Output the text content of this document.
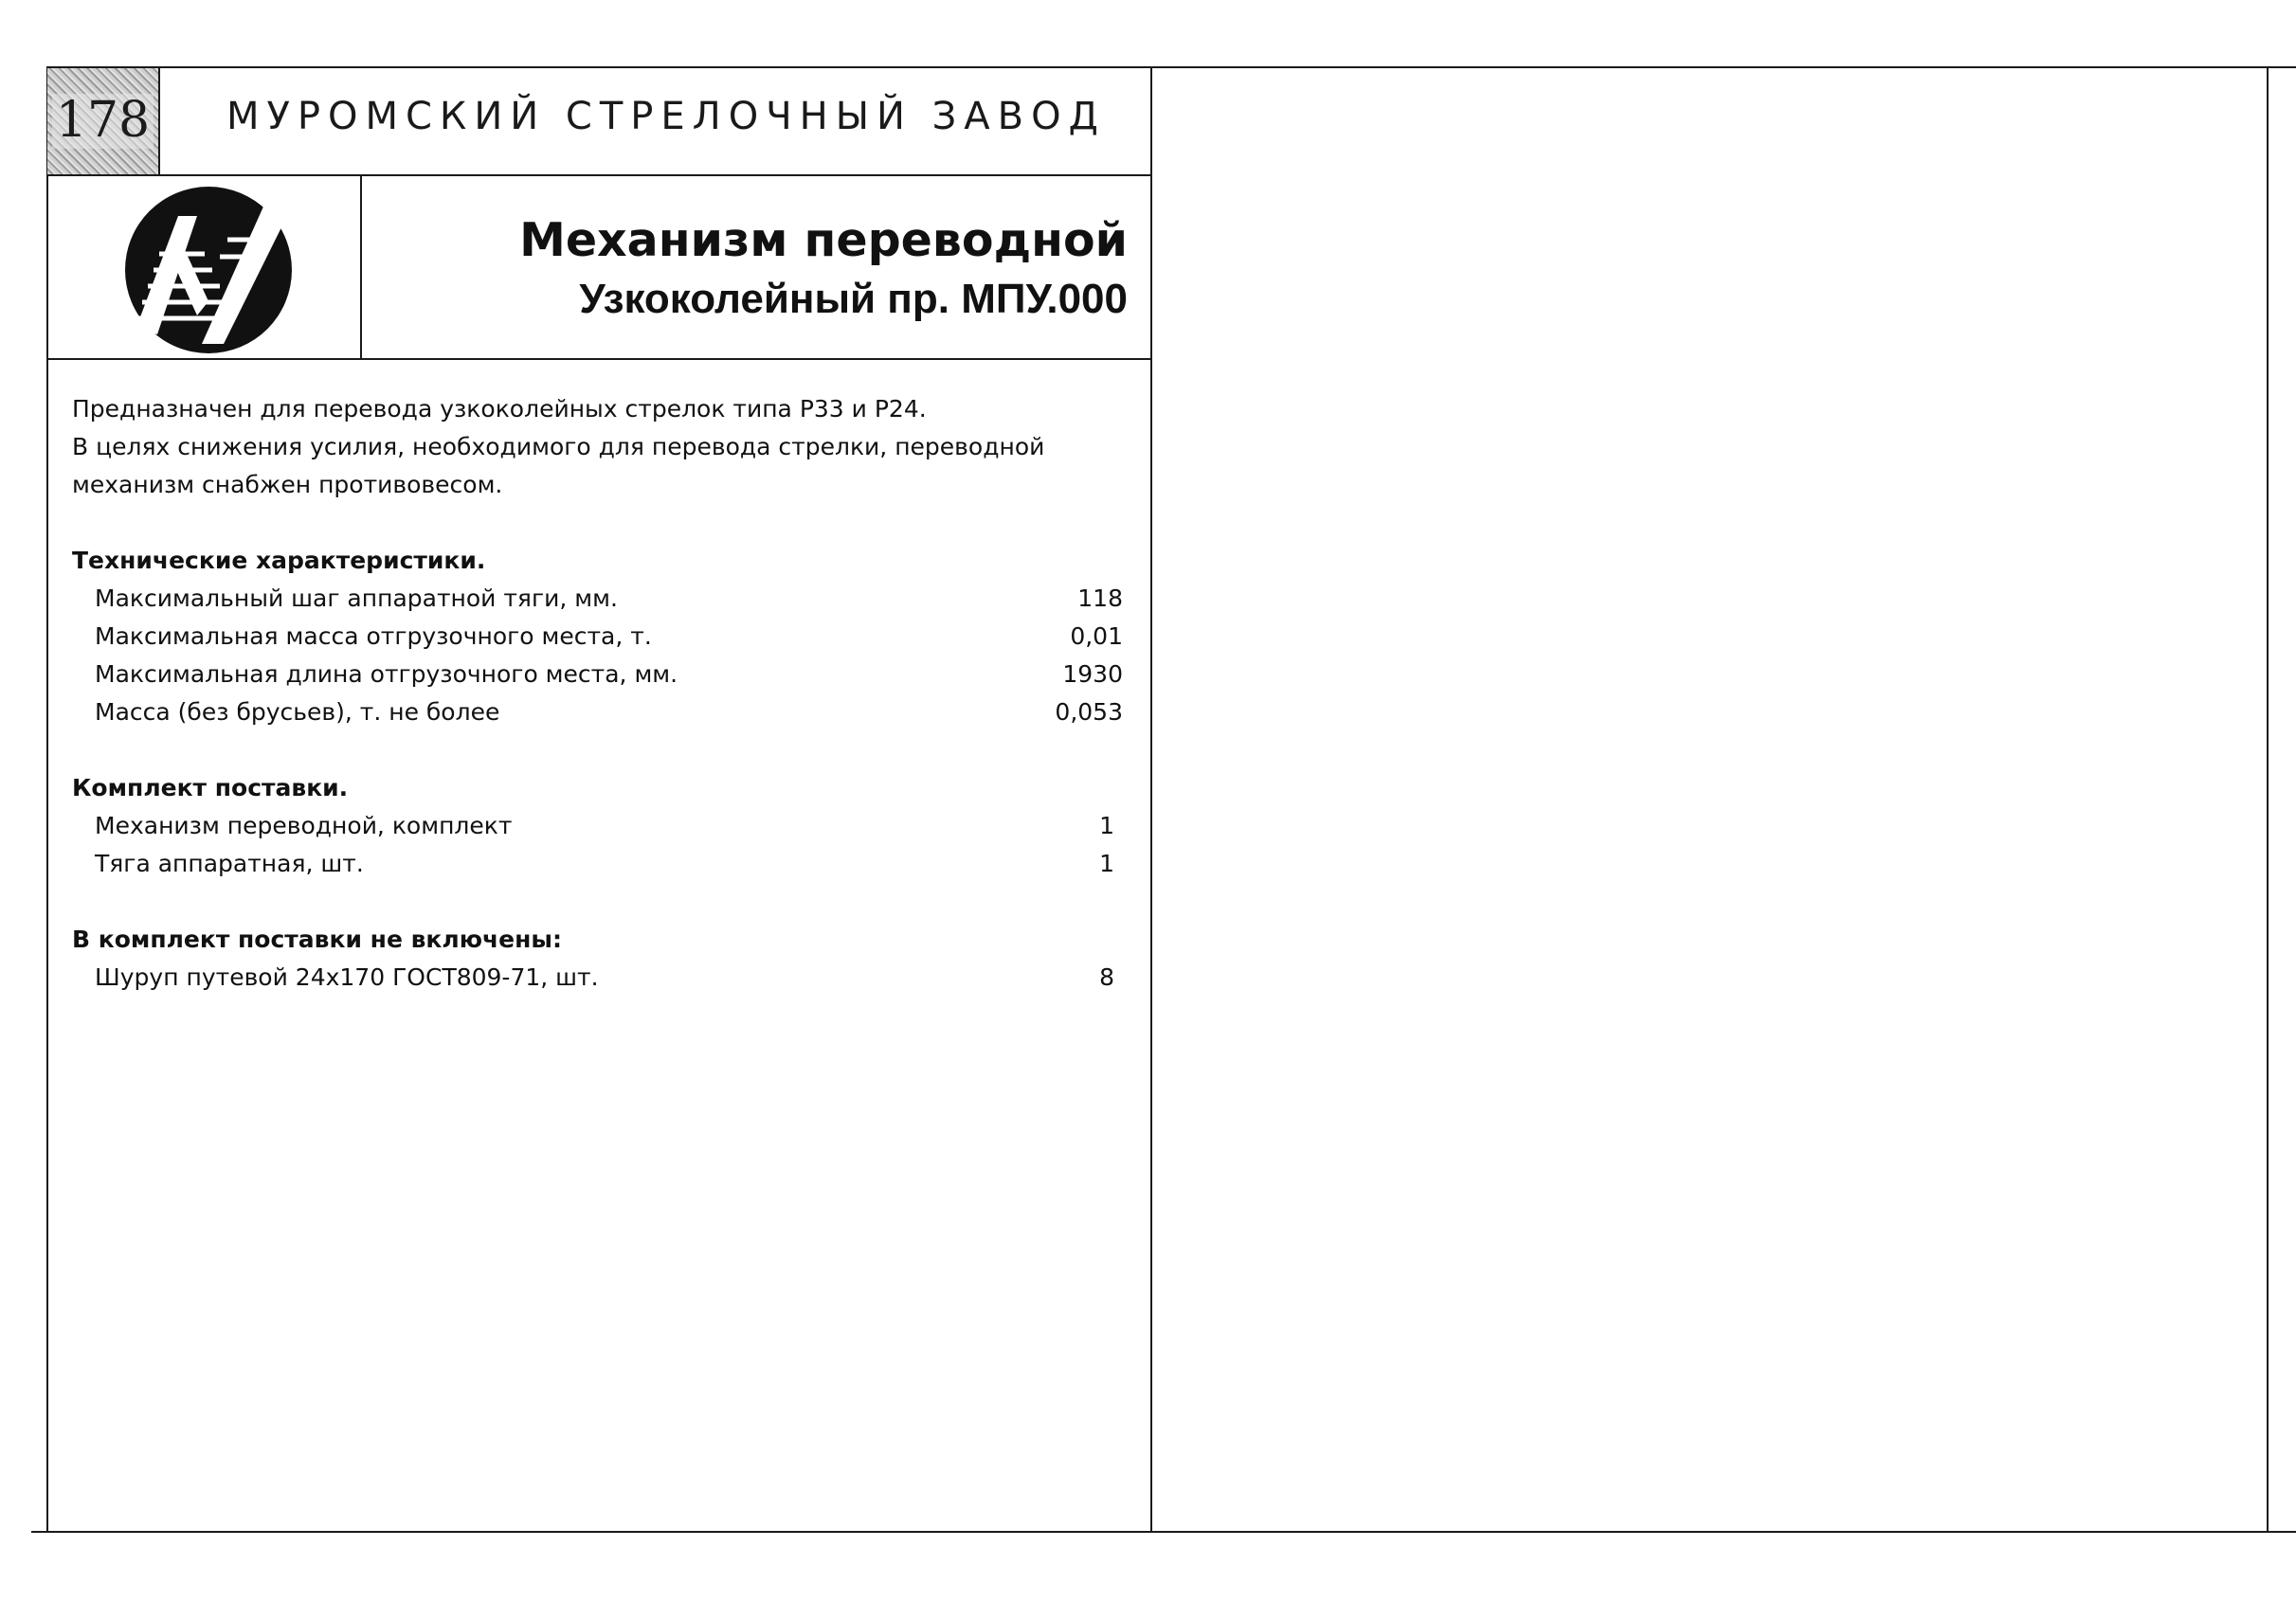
178 МУРОМСКИЙ СТРЕЛОЧНЫЙ ЗАВОД
Механизм переводной
Узкоколейный пр. МПУ.000

Предназначен для перевода узкоколейных стрелок типа Р33 и Р24.

В целях снижения усилия, необходимого для перевода стрелки, переводной

механизм снабжен противовесом.

Технические характеристики.

Максимальный шаг аппаратной тяги, мм.	118
Максимальная масса отгрузочного места, т.	0,01
Максимальная длина отгрузочного места, мм.	1930
Масса (без брусьев), т. не более	0,053

Комплект поставки.

Механизм переводной, комплект	1
Тяга аппаратная, шт.	1

В комплект поставки не включены:

Шуруп путевой 24х170 ГОСТ809-71, шт.	8
